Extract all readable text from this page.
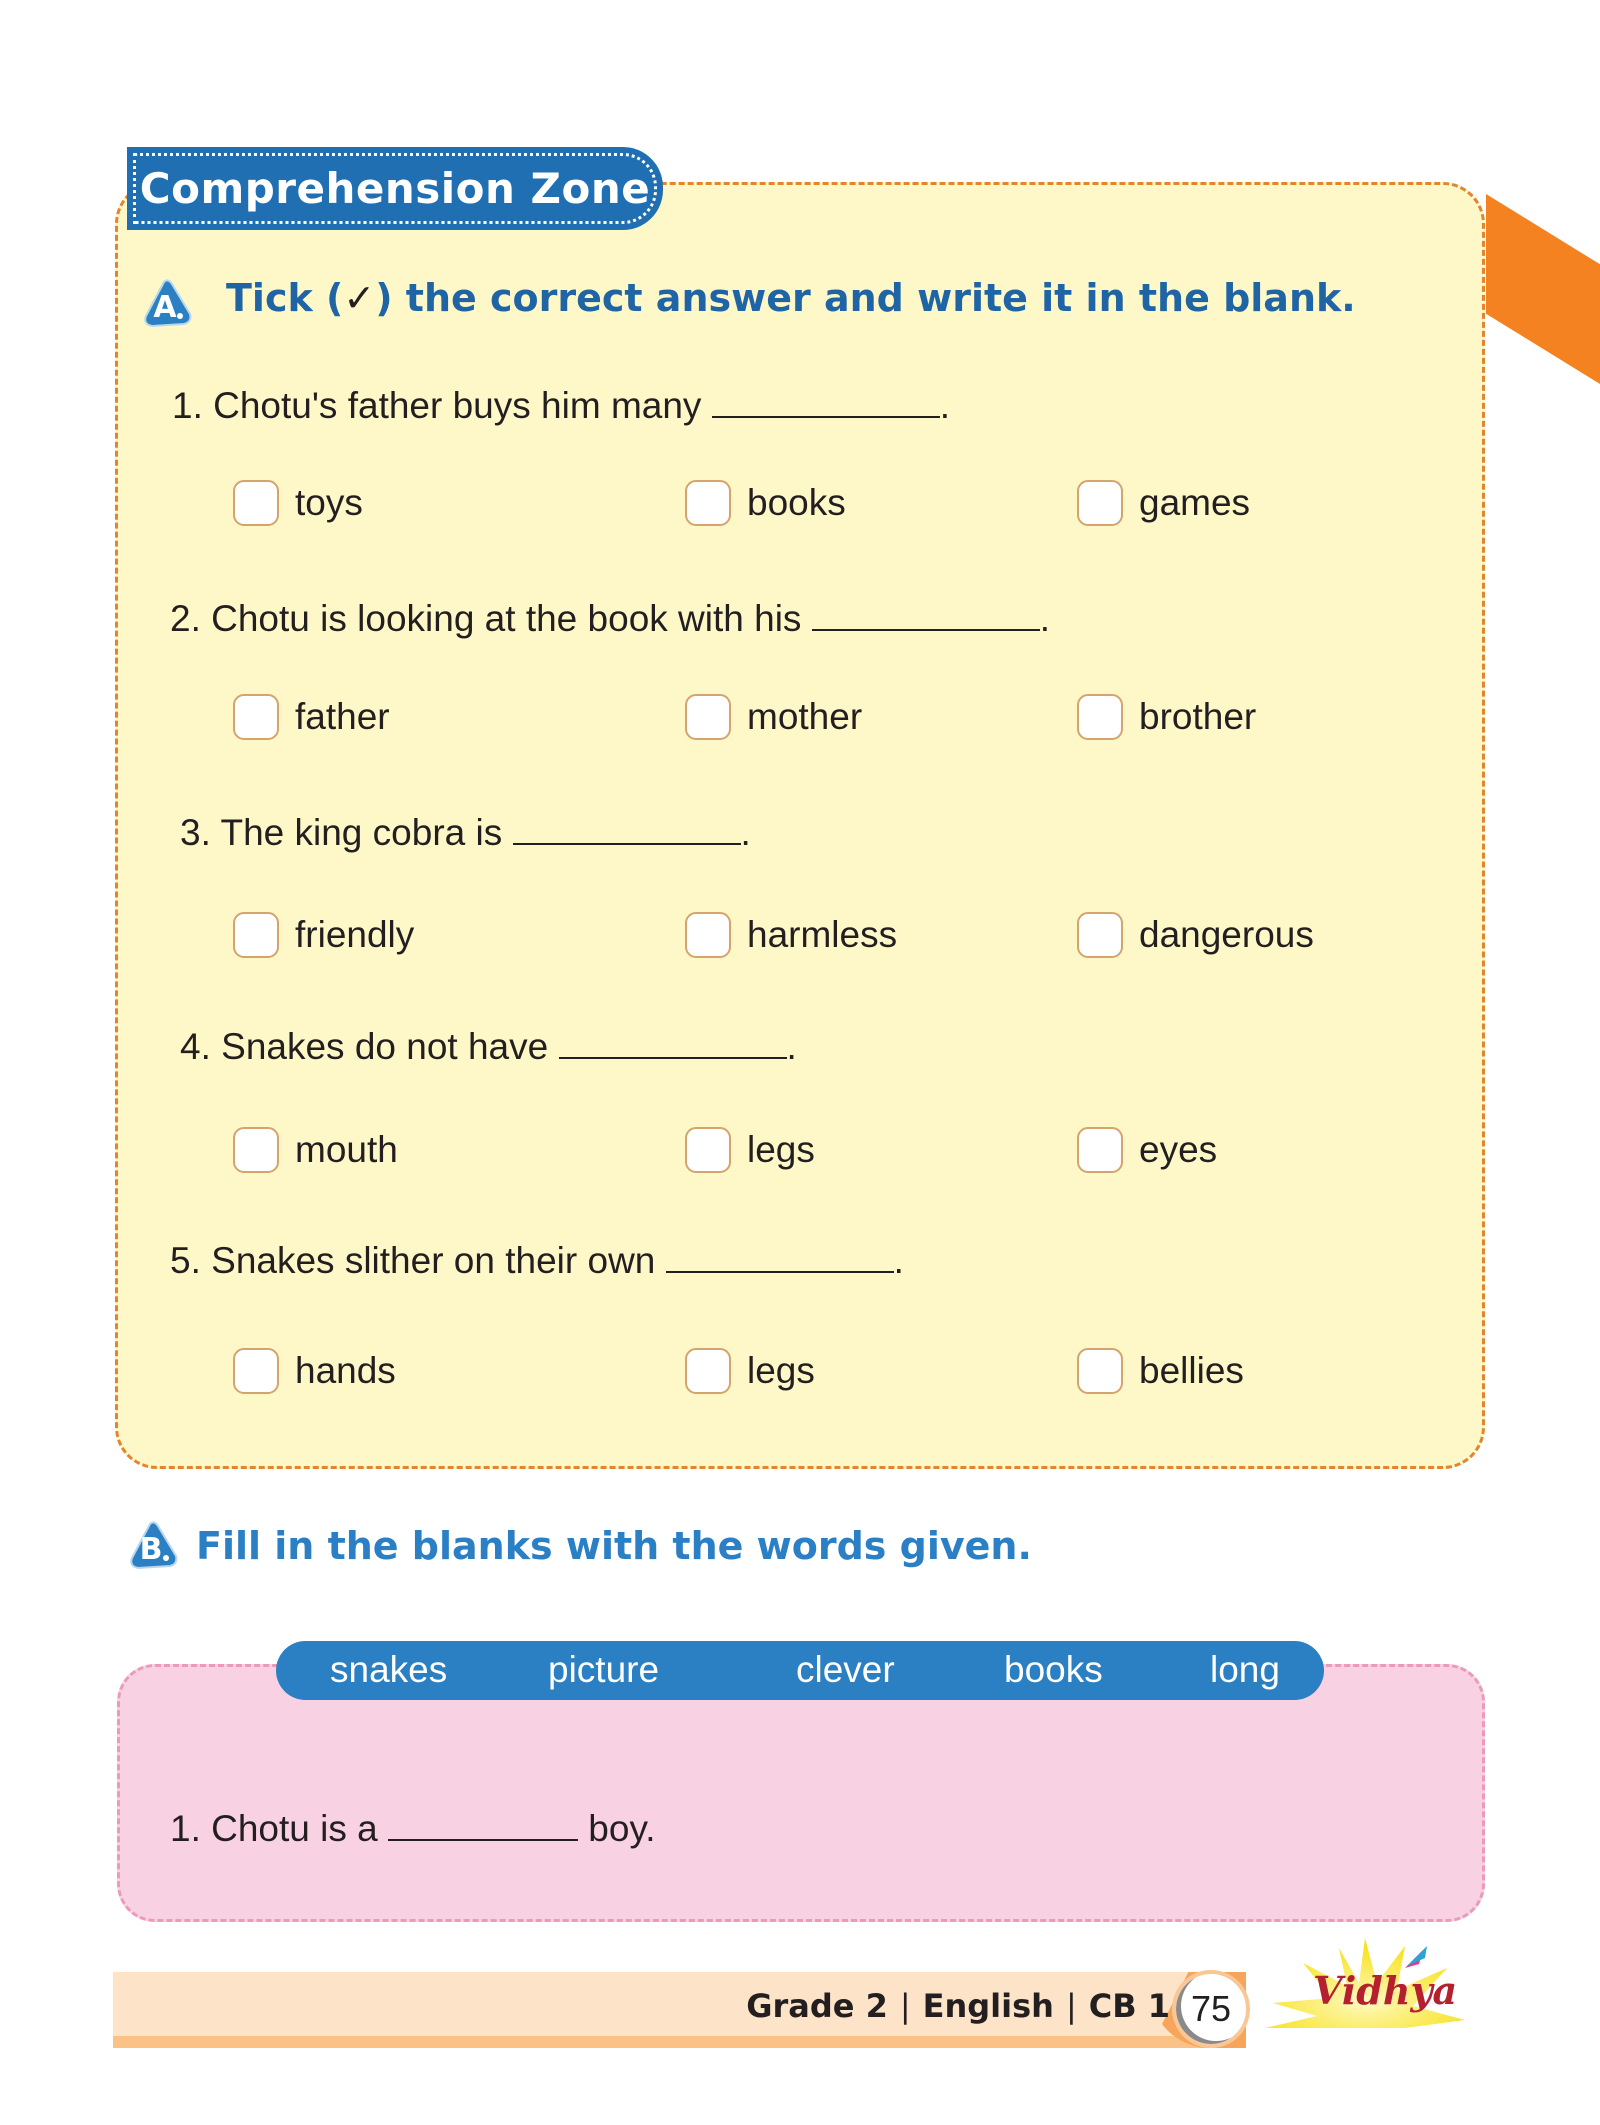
Comprehension Zone
A Tick (✓) the correct answer and write it in the blank.
1. Chotu's father buys him many	.
toys	books	games
2. Chotu is looking at the book with his	.
father	mother	brother
3. The king cobra is	.
friendly	harmless	dangerous
4. Snakes do not have	.
mouth	legs	eyes
5. Snakes slither on their own	.
hands	legs	bellies
B Fill in the blanks with the words given.
snakes	picture	clever	books	long
1. Chotu is a	boy.
Grade 2 | English | CB 1 75 Vidhya
